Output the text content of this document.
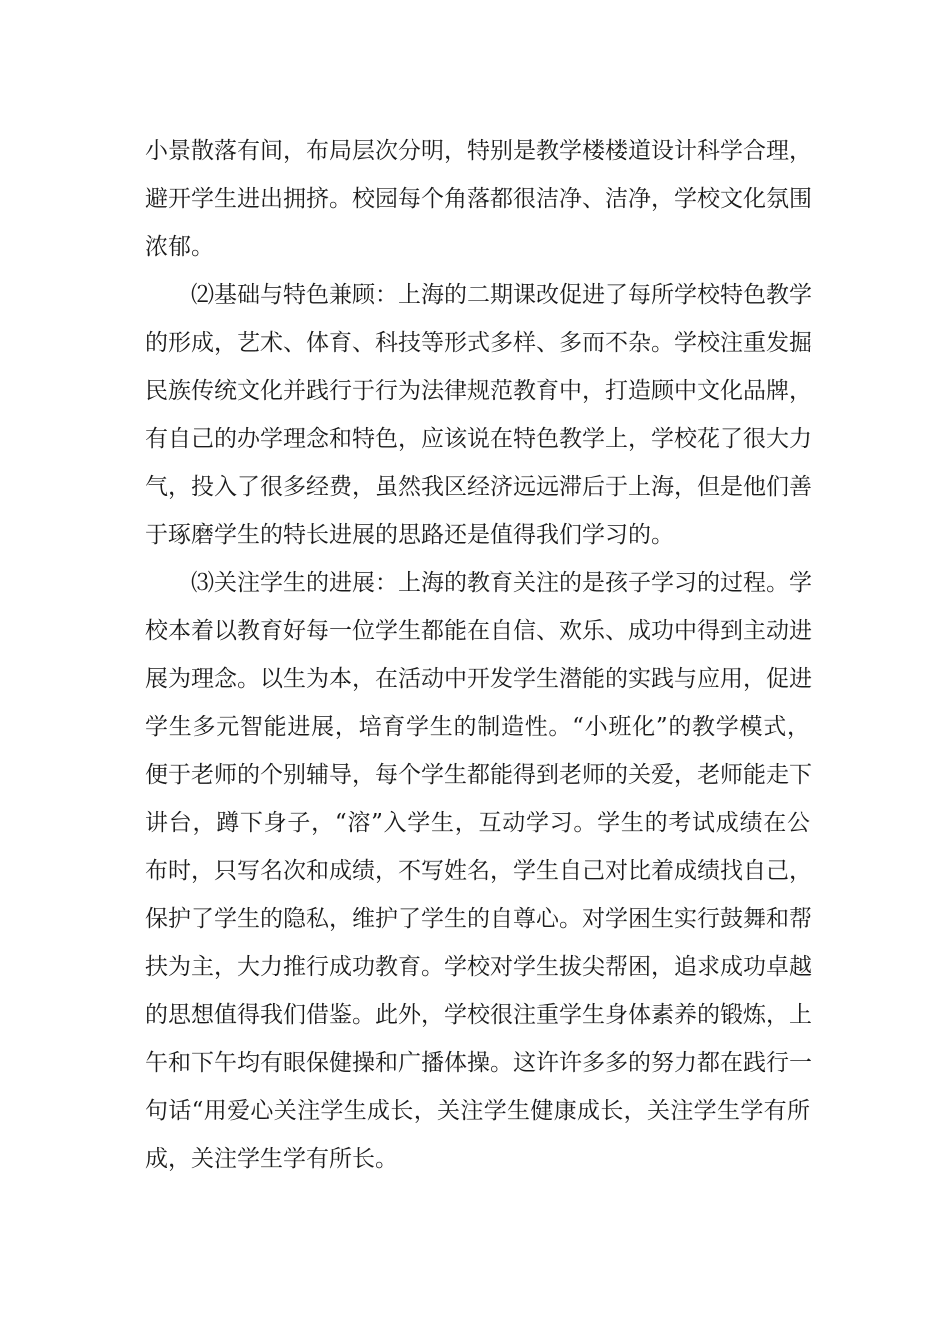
小景散落有间，布局层次分明，特别是教学楼楼道设计科学合理，
避开学生进出拥挤。校园每个角落都很洁净、洁净，学校文化氛围
浓郁。
⑵基础与特色兼顾：上海的二期课改促进了每所学校特色教学
的形成，艺术、体育、科技等形式多样、多而不杂。学校注重发掘
民族传统文化并践行于行为法律规范教育中，打造顾中文化品牌，
有自己的办学理念和特色，应该说在特色教学上，学校花了很大力
气，投入了很多经费，虽然我区经济远远滞后于上海，但是他们善
于琢磨学生的特长进展的思路还是值得我们学习的。
⑶关注学生的进展：上海的教育关注的是孩子学习的过程。学
校本着以教育好每一位学生都能在自信、欢乐、成功中得到主动进
展为理念。以生为本，在活动中开发学生潜能的实践与应用，促进
学生多元智能进展，培育学生的制造性。“小班化”的教学模式，
便于老师的个别辅导，每个学生都能得到老师的关爱，老师能走下
讲台，蹲下身子，“溶”入学生，互动学习。学生的考试成绩在公
布时，只写名次和成绩，不写姓名，学生自己对比着成绩找自己，
保护了学生的隐私，维护了学生的自尊心。对学困生实行鼓舞和帮
扶为主，大力推行成功教育。学校对学生拔尖帮困，追求成功卓越
的思想值得我们借鉴。此外，学校很注重学生身体素养的锻炼，上
午和下午均有眼保健操和广播体操。这许许多多的努力都在践行一
句话“用爱心关注学生成长，关注学生健康成长，关注学生学有所
成，关注学生学有所长。
